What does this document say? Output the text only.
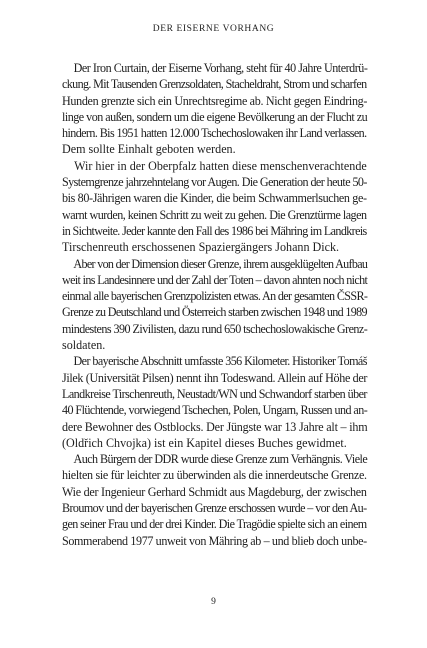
DER EISERNE VORHANG
 Der Iron Curtain, der Eiserne Vorhang, steht für 40 Jahre Unterdrü-
ckung. Mit Tausenden Grenzsoldaten, Stacheldraht, Strom und scharfen
Hunden grenzte sich ein Unrechtsregime ab. Nicht gegen Eindring-
linge von außen, sondern um die eigene Bevölkerung an der Flucht zu
hindern. Bis 1951 hatten 12.000 Tschechoslowaken ihr Land verlassen.
Dem sollte Einhalt geboten werden.
 Wir hier in der Oberpfalz hatten diese menschenverachtende
Systemgrenze jahrzehntelang vor Augen. Die Generation der heute 50-
bis 80-Jährigen waren die Kinder, die beim Schwammerlsuchen ge-
warnt wurden, keinen Schritt zu weit zu gehen. Die Grenztürme lagen
in Sichtweite. Jeder kannte den Fall des 1986 bei Mähring im Landkreis
Tirschenreuth erschossenen Spaziergängers Johann Dick.
 Aber von der Dimension dieser Grenze, ihrem ausgeklügelten Aufbau
weit ins Landesinnere und der Zahl der Toten – davon ahnten noch nicht
einmal alle bayerischen Grenzpolizisten etwas. An der gesamten ČSSR-
Grenze zu Deutschland und Österreich starben zwischen 1948 und 1989
mindestens 390 Zivilisten, dazu rund 650 tschechoslowakische Grenz-
soldaten.
 Der bayerische Abschnitt umfasste 356 Kilometer. Historiker Tomáš
Jilek (Universität Pilsen) nennt ihn Todeswand. Allein auf Höhe der
Landkreise Tirschenreuth, Neustadt/WN und Schwandorf starben über
40 Flüchtende, vorwiegend Tschechen, Polen, Ungarn, Russen und an-
dere Bewohner des Ostblocks. Der Jüngste war 13 Jahre alt – ihm
(Oldřich Chvojka) ist ein Kapitel dieses Buches gewidmet.
 Auch Bürgern der DDR wurde diese Grenze zum Verhängnis. Viele
hielten sie für leichter zu überwinden als die innerdeutsche Grenze.
Wie der Ingenieur Gerhard Schmidt aus Magdeburg, der zwischen
Broumov und der bayerischen Grenze erschossen wurde – vor den Au-
gen seiner Frau und der drei Kinder. Die Tragödie spielte sich an einem
Sommerabend 1977 unweit von Mähring ab – und blieb doch unbe-
9
